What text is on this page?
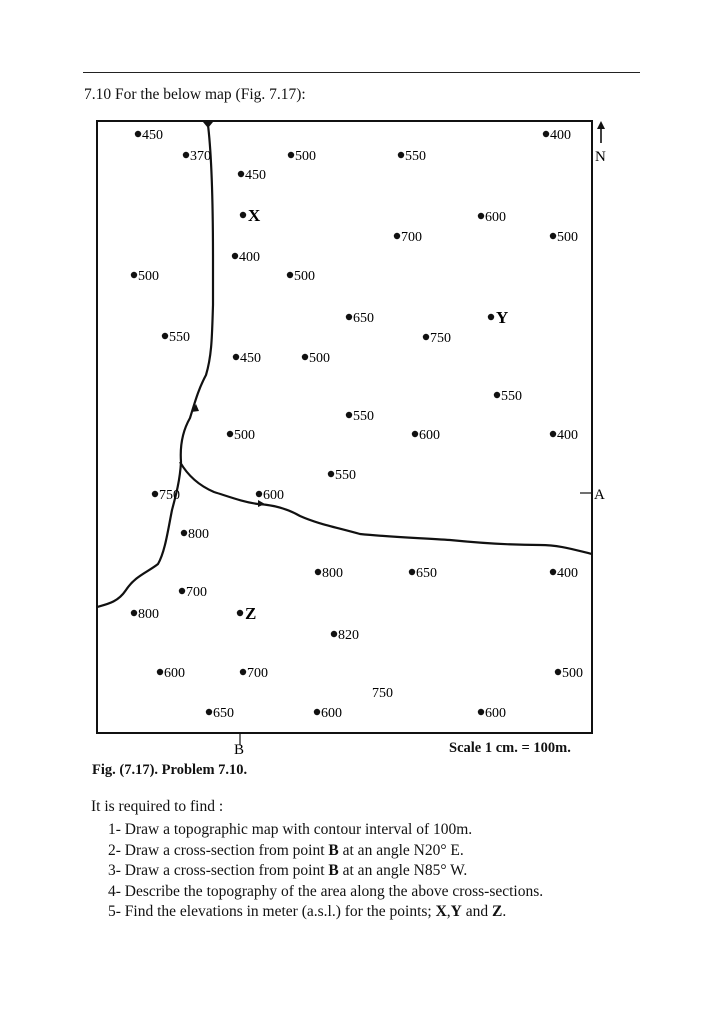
7.10 For the below map (Fig. 7.17):
450	400
370	500	550
450
600
700	500
400
500	500
650
750
550
450	500
550
550
500	600	400
550
750	600
800
800	650	400
700
800
820
600	700	500
650	600	600
X
Y
Z
750
N
A
B	Scale 1 cm. = 100m.
Fig. (7.17). Problem 7.10.
It is required to find :
1- Draw a topographic map with contour interval of 100m.
2- Draw a cross-section from point B at an angle N20° E.
3- Draw a cross-section from point B at an angle N85° W.
4- Describe the topography of the area along the above cross-sections.
5- Find the elevations in meter (a.s.l.) for the points; X,Y and Z.
